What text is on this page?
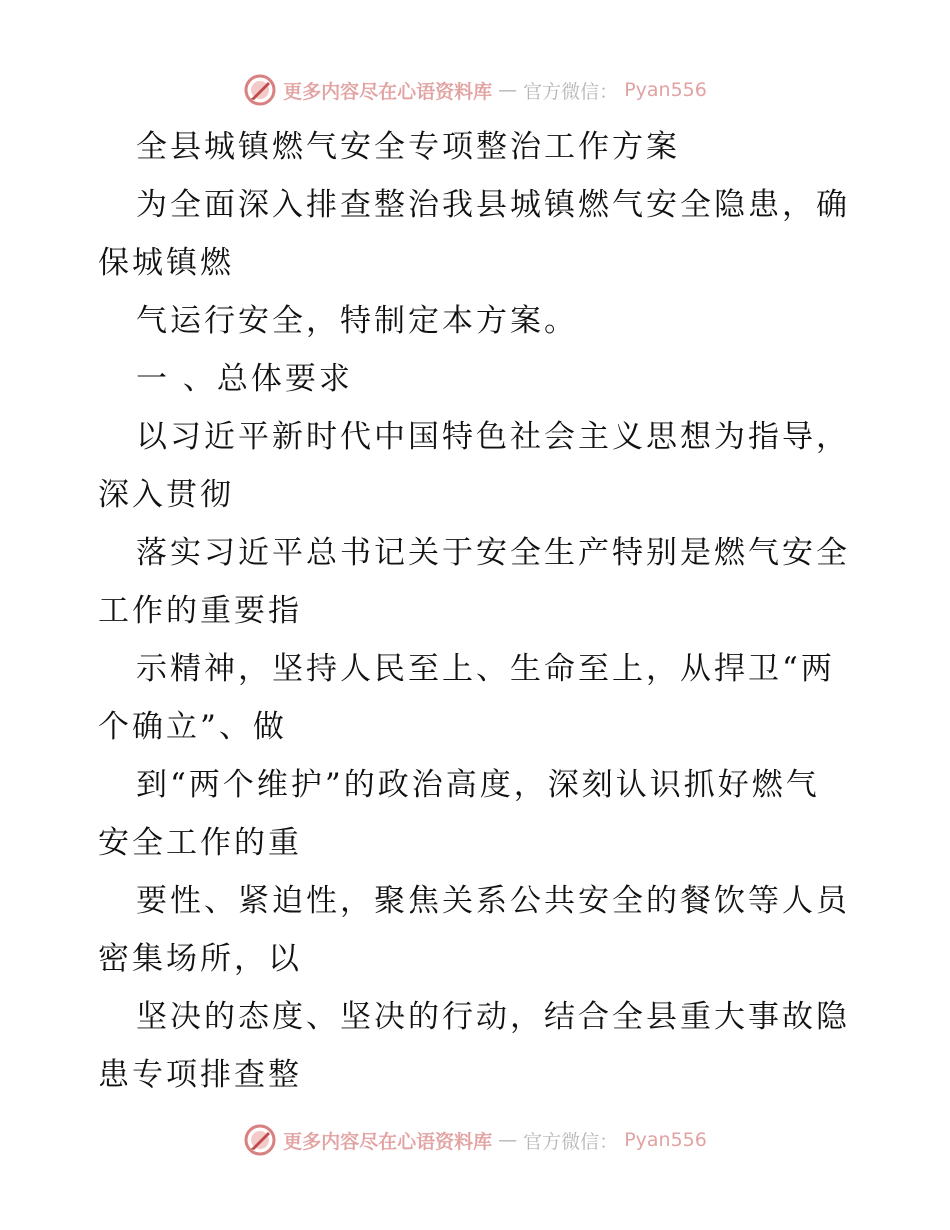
更多内容尽在心语资料库 — 官方微信： Pyan556
全县城镇燃气安全专项整治工作方案
为全面深入排查整治我县城镇燃气安全隐患，确
保城镇燃
气运行安全，特制定本方案。
一 、总体要求
以习近平新时代中国特色社会主义思想为指导，
深入贯彻
落实习近平总书记关于安全生产特别是燃气安全
工作的重要指
示精神，坚持人民至上、生命至上，从捍卫“两
个确立”、做
到“两个维护”的政治高度，深刻认识抓好燃气
安全工作的重
要性、紧迫性，聚焦关系公共安全的餐饮等人员
密集场所，以
坚决的态度、坚决的行动，结合全县重大事故隐
患专项排查整
更多内容尽在心语资料库 — 官方微信： Pyan556
